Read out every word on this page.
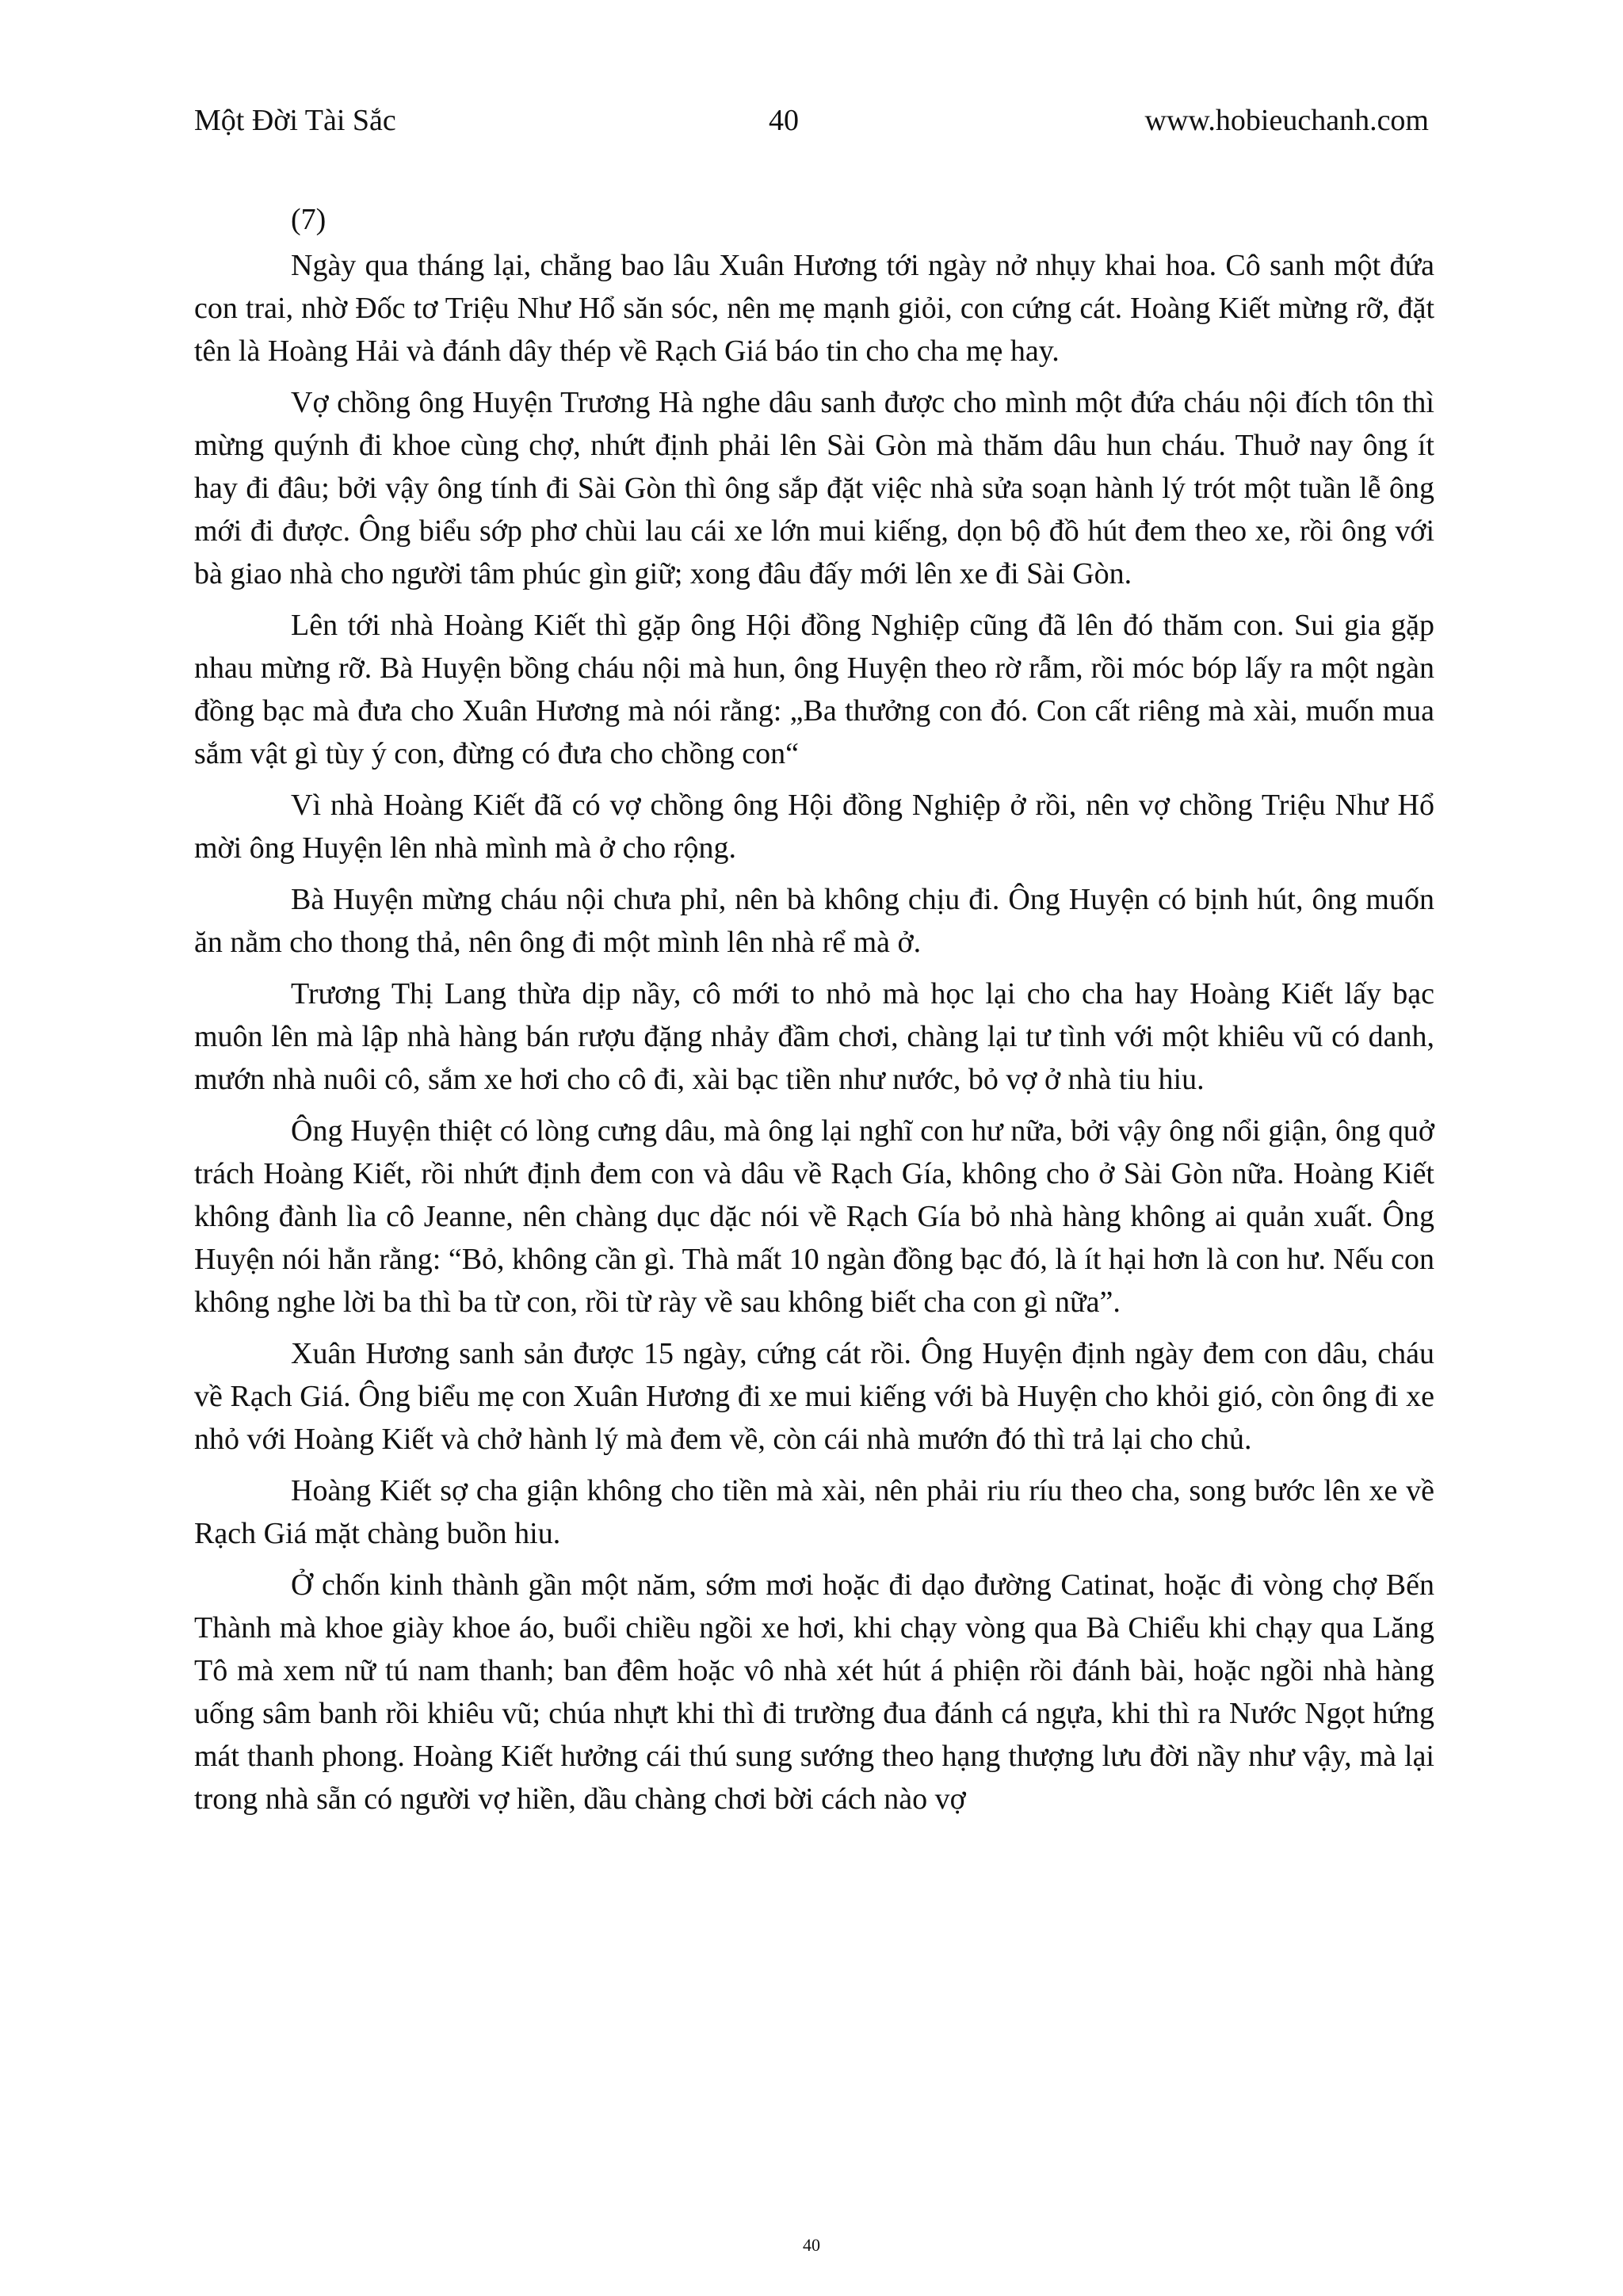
Một Đời Tài Sắc	40	www.hobieuchanh.com
(7)

Ngày qua tháng lại, chẳng bao lâu Xuân Hương tới ngày nở nhụy khai hoa. Cô sanh một đứa con trai, nhờ Đốc tơ Triệu Như Hổ săn sóc, nên mẹ mạnh giỏi, con cứng cát. Hoàng Kiết mừng rỡ, đặt tên là Hoàng Hải và đánh dây thép về Rạch Giá báo tin cho cha mẹ hay.

Vợ chồng ông Huyện Trương Hà nghe dâu sanh được cho mình một đứa cháu nội đích tôn thì mừng quýnh đi khoe cùng chợ, nhứt định phải lên Sài Gòn mà thăm dâu hun cháu. Thuở nay ông ít hay đi đâu; bởi vậy ông tính đi Sài Gòn thì ông sắp đặt việc nhà sửa soạn hành lý trót một tuần lễ ông mới đi được. Ông biểu sớp phơ chùi lau cái xe lớn mui kiếng, dọn bộ đồ hút đem theo xe, rồi ông với bà giao nhà cho người tâm phúc gìn giữ; xong đâu đấy mới lên xe đi Sài Gòn.

Lên tới nhà Hoàng Kiết thì gặp ông Hội đồng Nghiệp cũng đã lên đó thăm con. Sui gia gặp nhau mừng rỡ. Bà Huyện bồng cháu nội mà hun, ông Huyện theo rờ rẫm, rồi móc bóp lấy ra một ngàn đồng bạc mà đưa cho Xuân Hương mà nói rằng: „Ba thưởng con đó. Con cất riêng mà xài, muốn mua sắm vật gì tùy ý con, đừng có đưa cho chồng con“

Vì nhà Hoàng Kiết đã có vợ chồng ông Hội đồng Nghiệp ở rồi, nên vợ chồng Triệu Như Hổ mời ông Huyện lên nhà mình mà ở cho rộng.

Bà Huyện mừng cháu nội chưa phỉ, nên bà không chịu đi. Ông Huyện có bịnh hút, ông muốn ăn nằm cho thong thả, nên ông đi một mình lên nhà rể mà ở.

Trương Thị Lang thừa dịp nầy, cô mới to nhỏ mà học lại cho cha hay Hoàng Kiết lấy bạc muôn lên mà lập nhà hàng bán rượu đặng nhảy đầm chơi, chàng lại tư tình với một khiêu vũ có danh, mướn nhà nuôi cô, sắm xe hơi cho cô đi, xài bạc tiền như nước, bỏ vợ ở nhà tiu hiu.

Ông Huyện thiệt có lòng cưng dâu, mà ông lại nghĩ con hư nữa, bởi vậy ông nổi giận, ông quở trách Hoàng Kiết, rồi nhứt định đem con và dâu về Rạch Gía, không cho ở Sài Gòn nữa. Hoàng Kiết không đành lìa cô Jeanne, nên chàng dục dặc nói về Rạch Gía bỏ nhà hàng không ai quản xuất. Ông Huyện nói hẳn rằng: “Bỏ, không cần gì. Thà mất 10 ngàn đồng bạc đó, là ít hại hơn là con hư. Nếu con không nghe lời ba thì ba từ con, rồi từ rày về sau không biết cha con gì nữa”.

Xuân Hương sanh sản được 15 ngày, cứng cát rồi. Ông Huyện định ngày đem con dâu, cháu về Rạch Giá. Ông biểu mẹ con Xuân Hương đi xe mui kiếng với bà Huyện cho khỏi gió, còn ông đi xe nhỏ với Hoàng Kiết và chở hành lý mà đem về, còn cái nhà mướn đó thì trả lại cho chủ.

Hoàng Kiết sợ cha giận không cho tiền mà xài, nên phải riu ríu theo cha, song bước lên xe về Rạch Giá mặt chàng buồn hiu.

Ở chốn kinh thành gần một năm, sớm mơi hoặc đi dạo đường Catinat, hoặc đi vòng chợ Bến Thành mà khoe giày khoe áo, buổi chiều ngồi xe hơi, khi chạy vòng qua Bà Chiểu khi chạy qua Lăng Tô mà xem nữ tú nam thanh; ban đêm hoặc vô nhà xét hút á phiện rồi đánh bài, hoặc ngồi nhà hàng uống sâm banh rồi khiêu vũ; chúa nhựt khi thì đi trường đua đánh cá ngựa, khi thì ra Nước Ngọt hứng mát thanh phong. Hoàng Kiết hưởng cái thú sung sướng theo hạng thượng lưu đời nầy như vậy, mà lại trong nhà sẵn có người vợ hiền, dầu chàng chơi bời cách nào vợ

40
